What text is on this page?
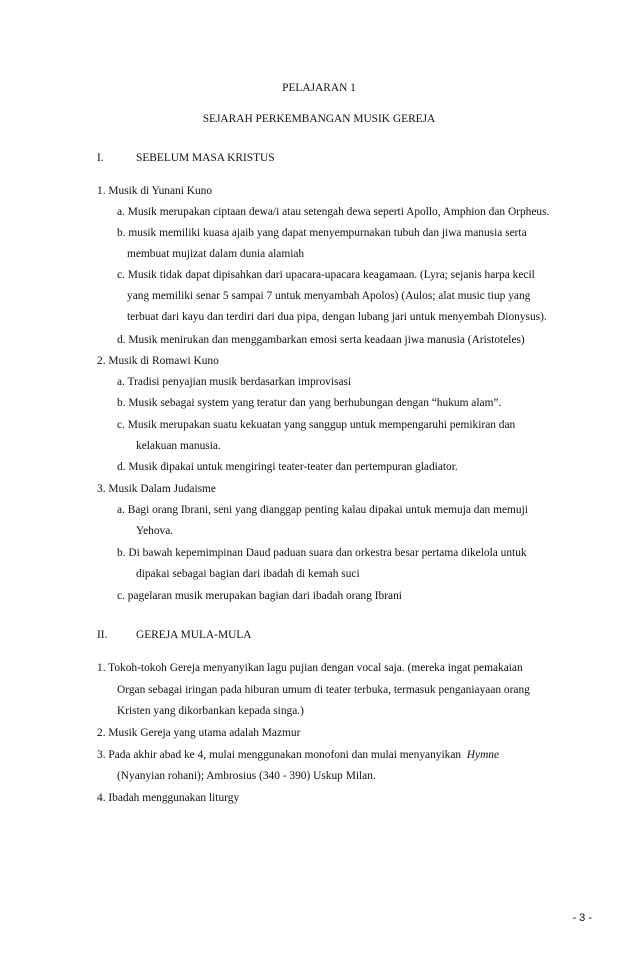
PELAJARAN 1
SEJARAH PERKEMBANGAN MUSIK GEREJA
I.	SEBELUM MASA KRISTUS
1. Musik di Yunani Kuno
a. Musik merupakan ciptaan dewa/i atau setengah dewa seperti Apollo, Amphion dan Orpheus.
b. musik memiliki kuasa ajaib yang dapat menyempurnakan tubuh dan jiwa manusia serta
membuat mujizat dalam dunia alamiah
c. Musik tidak dapat dipisahkan dari upacara-upacara keagamaan. (Lyra; sejanis harpa kecil
yang memiliki senar 5 sampai 7 untuk menyambah Apolos) (Aulos; alat music tiup yang
terbuat dari kayu dan terdiri dari dua pipa, dengan lubang jari untuk menyembah Dionysus).
d. Musik menirukan dan menggambarkan emosi serta keadaan jiwa manusia (Aristoteles)
2. Musik di Romawi Kuno
a. Tradisi penyajian musik berdasarkan improvisasi
b. Musik sebagai system yang teratur dan yang berhubungan dengan “hukum alam”.
c. Musik merupakan suatu kekuatan yang sanggup untuk mempengaruhi pemikiran dan
kelakuan manusia.
d. Musik dipakai untuk mengiringi teater-teater dan pertempuran gladiator.
3. Musik Dalam Judaisme
a. Bagi orang Ibrani, seni yang dianggap penting kalau dipakai untuk memuja dan memuji
Yehova.
b. Di bawah kepemimpinan Daud paduan suara dan orkestra besar pertama dikelola untuk
dipakai sebagai bagian dari ibadah di kemah suci
c. pagelaran musik merupakan bagian dari ibadah orang Ibrani
II.	GEREJA MULA-MULA
1. Tokoh-tokoh Gereja menyanyikan lagu pujian dengan vocal saja. (mereka ingat pemakaian
Organ sebagai iringan pada hiburan umum di teater terbuka, termasuk penganiayaan orang
Kristen yang dikorbankan kepada singa.)
2. Musik Gereja yang utama adalah Mazmur
3. Pada akhir abad ke 4, mulai menggunakan monofoni dan mulai menyanyikan Hymne
(Nyanyian rohani); Ambrosius (340 - 390) Uskup Milan.
4. Ibadah menggunakan liturgy
- 3 -
